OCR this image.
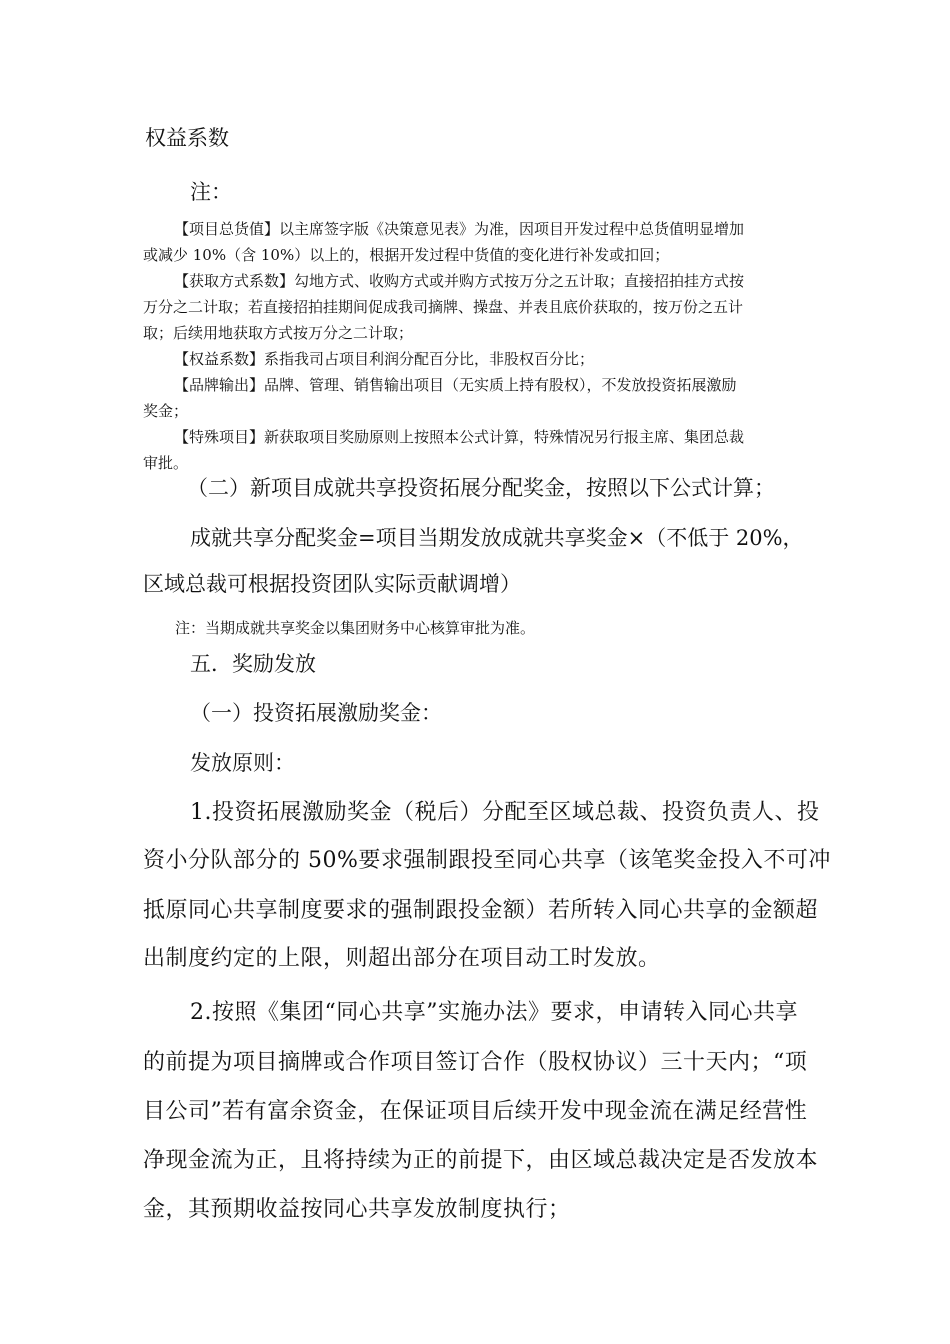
权益系数
注：
【项目总货值】以主席签字版《决策意见表》为准，因项目开发过程中总货值明显增加
或减少 10%（含 10%）以上的，根据开发过程中货值的变化进行补发或扣回；
【获取方式系数】勾地方式、收购方式或并购方式按万分之五计取；直接招拍挂方式按
万分之二计取；若直接招拍挂期间促成我司摘牌、操盘、并表且底价获取的，按万份之五计
取；后续用地获取方式按万分之二计取；
【权益系数】系指我司占项目利润分配百分比，非股权百分比；
【品牌输出】品牌、管理、销售输出项目（无实质上持有股权），不发放投资拓展激励
奖金；
【特殊项目】新获取项目奖励原则上按照本公式计算，特殊情况另行报主席、集团总裁
审批。
（二）新项目成就共享投资拓展分配奖金，按照以下公式计算；
成就共享分配奖金=项目当期发放成就共享奖金×（不低于 20%，
区域总裁可根据投资团队实际贡献调增）
注：当期成就共享奖金以集团财务中心核算审批为准。
五．奖励发放
（一）投资拓展激励奖金：
发放原则：
1.投资拓展激励奖金（税后）分配至区域总裁、投资负责人、投
资小分队部分的 50%要求强制跟投至同心共享（该笔奖金投入不可冲
抵原同心共享制度要求的强制跟投金额）若所转入同心共享的金额超
出制度约定的上限，则超出部分在项目动工时发放。
2.按照《集团“同心共享”实施办法》要求，申请转入同心共享
的前提为项目摘牌或合作项目签订合作（股权协议）三十天内；“项
目公司”若有富余资金，在保证项目后续开发中现金流在满足经营性
净现金流为正，且将持续为正的前提下，由区域总裁决定是否发放本
金，其预期收益按同心共享发放制度执行；
